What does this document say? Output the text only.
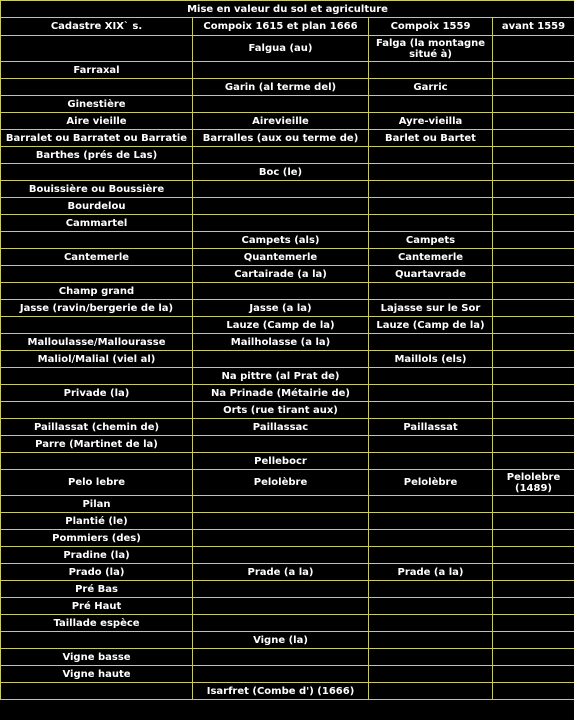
Mise en valeur du sol et agriculture			
Cadastre XIX` s.	Compoix 1615 et plan 1666	Compoix 1559	avant 1559
	Falgua (au)	Falga (la montagne situé à)	
Farraxal			
	Garin (al terme del)	Garric	
Ginestière			
Aire vieille	Airevieille	Ayre-vieilla	
Barralet ou Barratet ou Barratie	Barralles (aux ou terme de)	Barlet ou Bartet	
Barthes (prés de Las)			
	Boc (le)		
Bouissière ou Boussière			
Bourdelou			
Cammartel			
	Campets (als)	Campets	
Cantemerle	Quantemerle	Cantemerle	
	Cartairade (a la)	Quartavrade	
Champ grand			
Jasse (ravin/bergerie de la)	Jasse (a la)	Lajasse sur le Sor	
	Lauze (Camp de la)	Lauze (Camp de la)	
Malloulasse/Mallourasse	Mailholasse (a la)		
Maliol/Malial (viel al)		Maillols (els)	
	Na pittre (al Prat de)		
Privade (la)	Na Prinade (Métairie de)		
	Orts (rue tirant aux)		
Paillassat (chemin de)	Paillassac	Paillassat	
Parre (Martinet de la)			
	Pellebocr		
Pelo lebre	Pelolèbre	Pelolèbre	Pelolebre (1489)
Pilan			
Plantié (le)			
Pommiers (des)			
Pradine (la)			
Prado (la)	Prade (a la)	Prade (a la)	
Pré Bas			
Pré Haut			
Taillade espèce			
	Vigne (la)		
Vigne basse			
Vigne haute			
	Isarfret (Combe d') (1666)		
